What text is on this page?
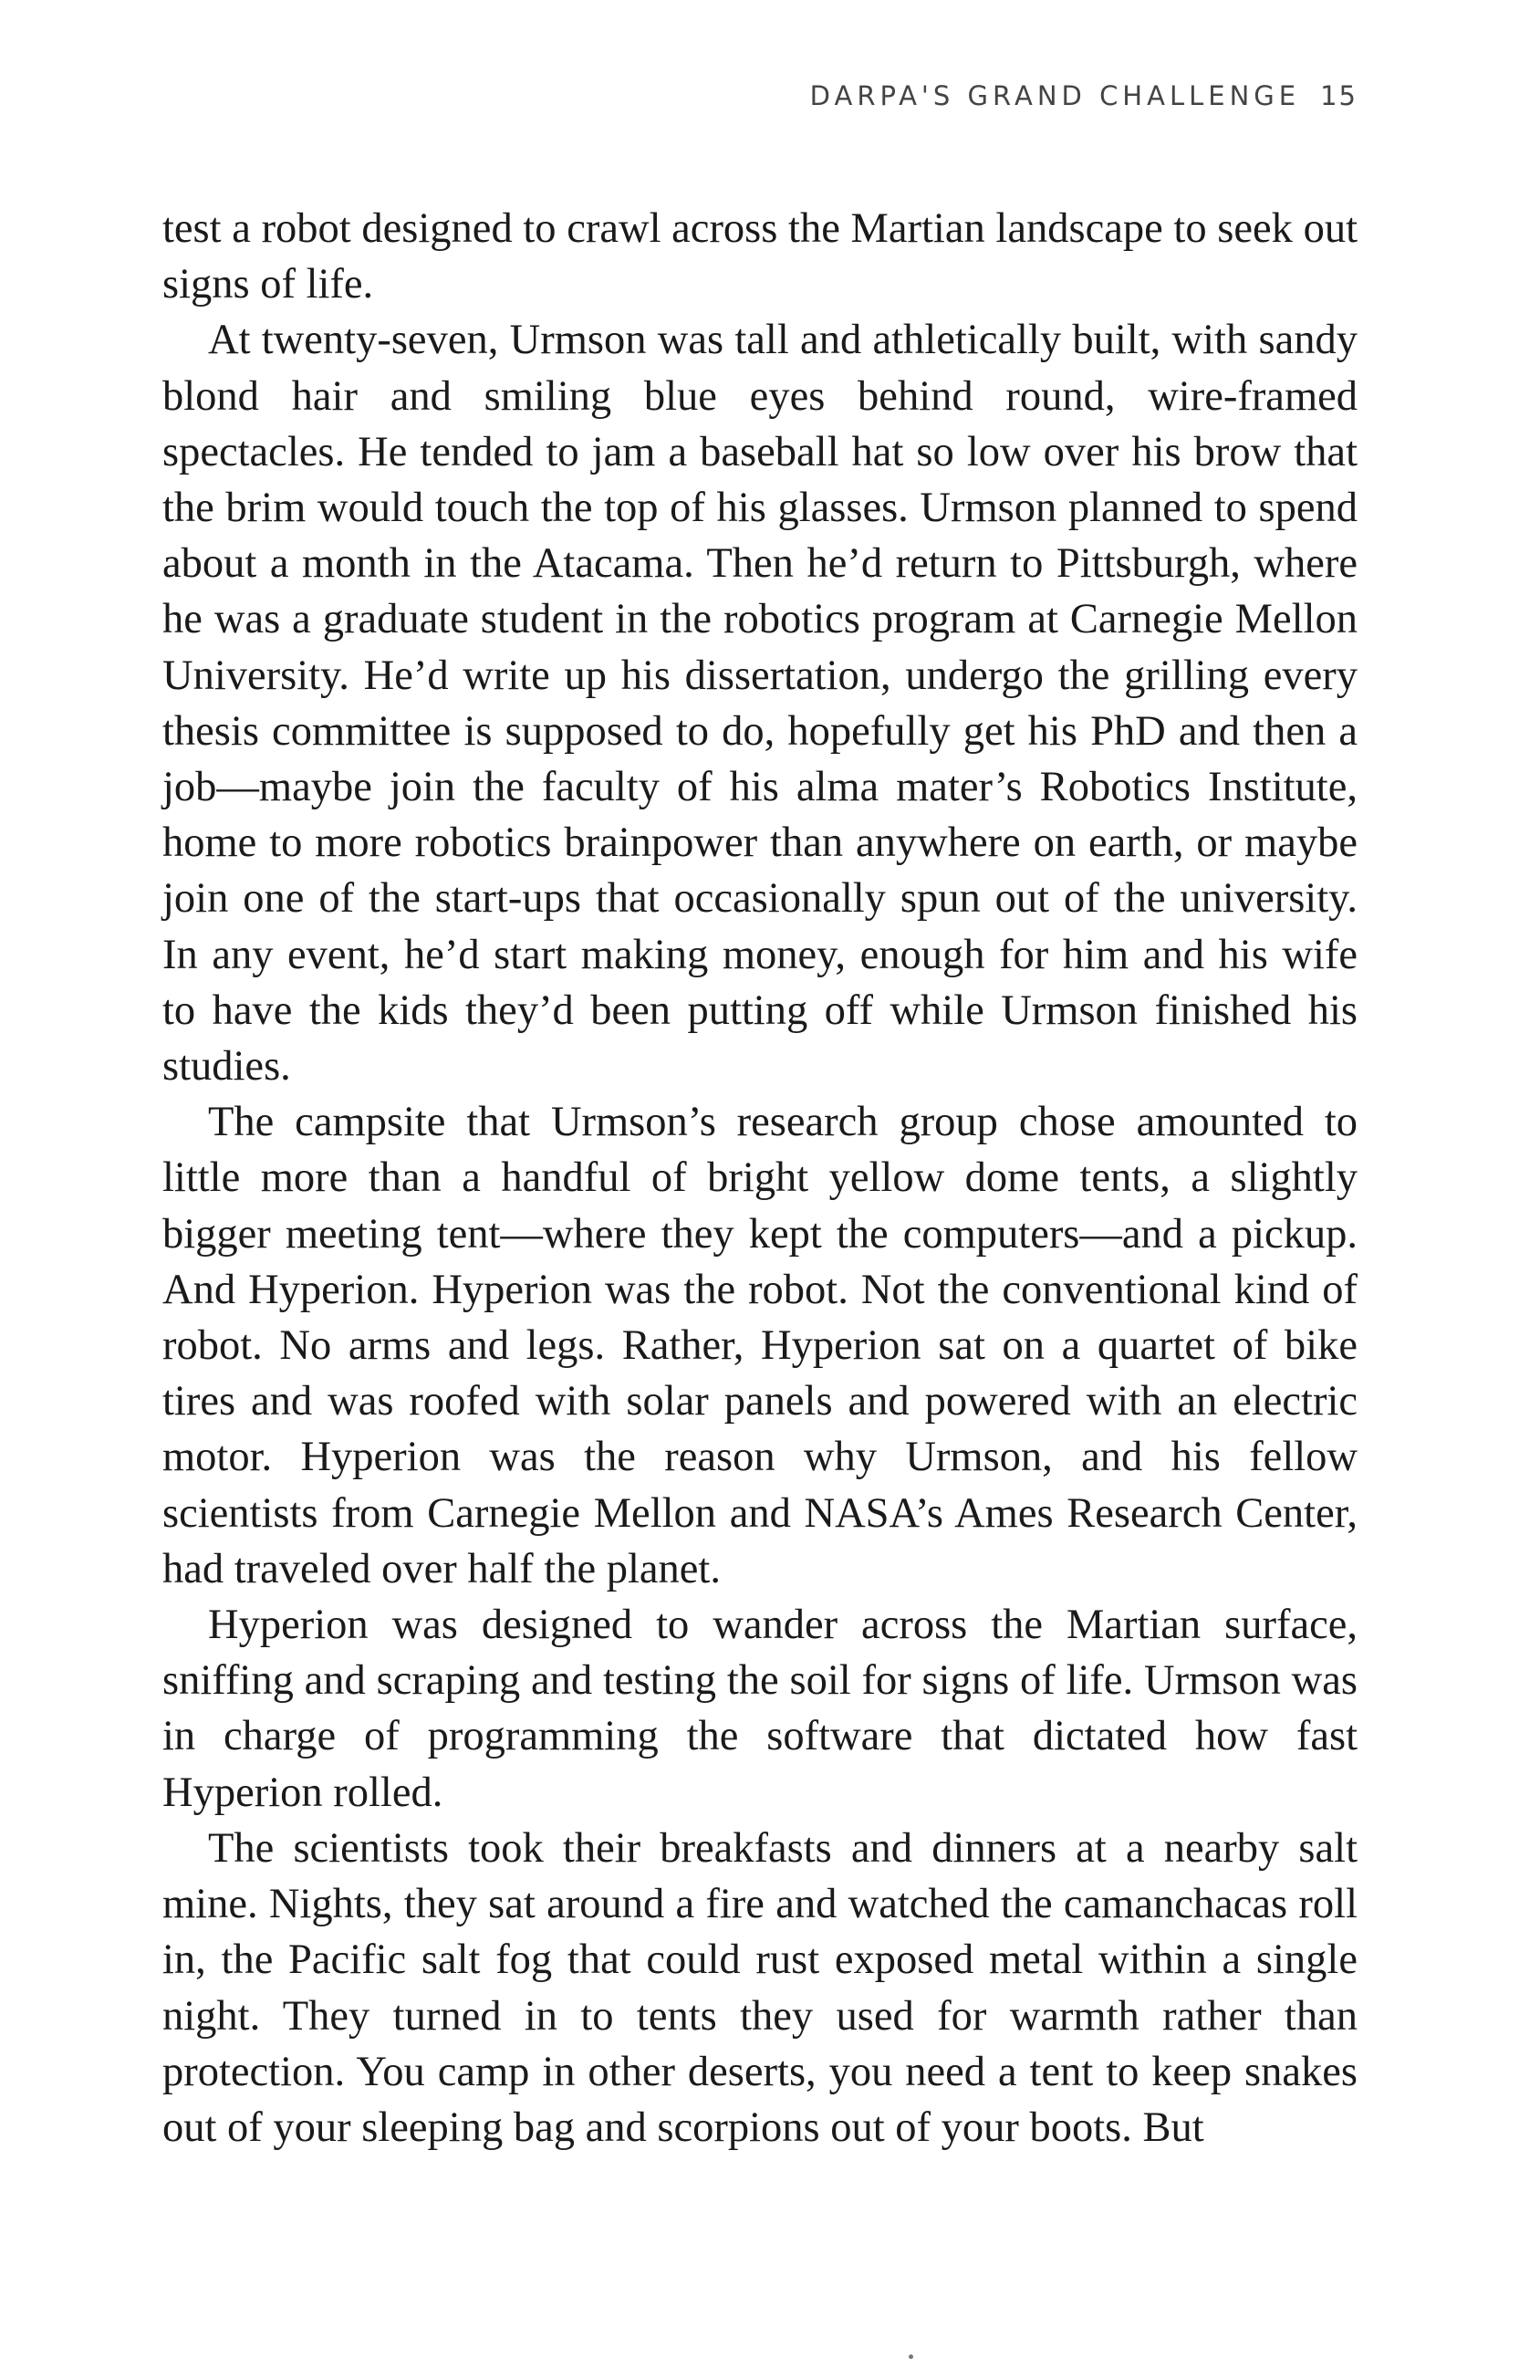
DARPA'S GRAND CHALLENGE 15

test a robot designed to crawl across the Martian landscape to seek out signs of life.

At twenty-seven, Urmson was tall and athletically built, with sandy blond hair and smiling blue eyes behind round, wire-framed spectacles. He tended to jam a baseball hat so low over his brow that the brim would touch the top of his glasses. Urmson planned to spend about a month in the Atacama. Then he’d return to Pittsburgh, where he was a graduate student in the robotics program at Carnegie Mellon University. He’d write up his dissertation, undergo the grilling every thesis committee is supposed to do, hopefully get his PhD and then a job—maybe join the faculty of his alma mater’s Robotics Institute, home to more robotics brainpower than anywhere on earth, or maybe join one of the start-ups that occasionally spun out of the university. In any event, he’d start making money, enough for him and his wife to have the kids they’d been putting off while Urmson finished his studies.

The campsite that Urmson’s research group chose amounted to little more than a handful of bright yellow dome tents, a slightly bigger meeting tent—where they kept the computers—and a pickup. And Hyperion. Hyperion was the robot. Not the conventional kind of robot. No arms and legs. Rather, Hyperion sat on a quartet of bike tires and was roofed with solar panels and powered with an electric motor. Hyperion was the reason why Urmson, and his fellow scientists from Carnegie Mellon and NASA’s Ames Research Center, had traveled over half the planet.

Hyperion was designed to wander across the Martian surface, sniffing and scraping and testing the soil for signs of life. Urmson was in charge of programming the software that dictated how fast Hyperion rolled.

The scientists took their breakfasts and dinners at a nearby salt mine. Nights, they sat around a fire and watched the camanchacas roll in, the Pacific salt fog that could rust exposed metal within a single night. They turned in to tents they used for warmth rather than protection. You camp in other deserts, you need a tent to keep snakes out of your sleeping bag and scorpions out of your boots. But
